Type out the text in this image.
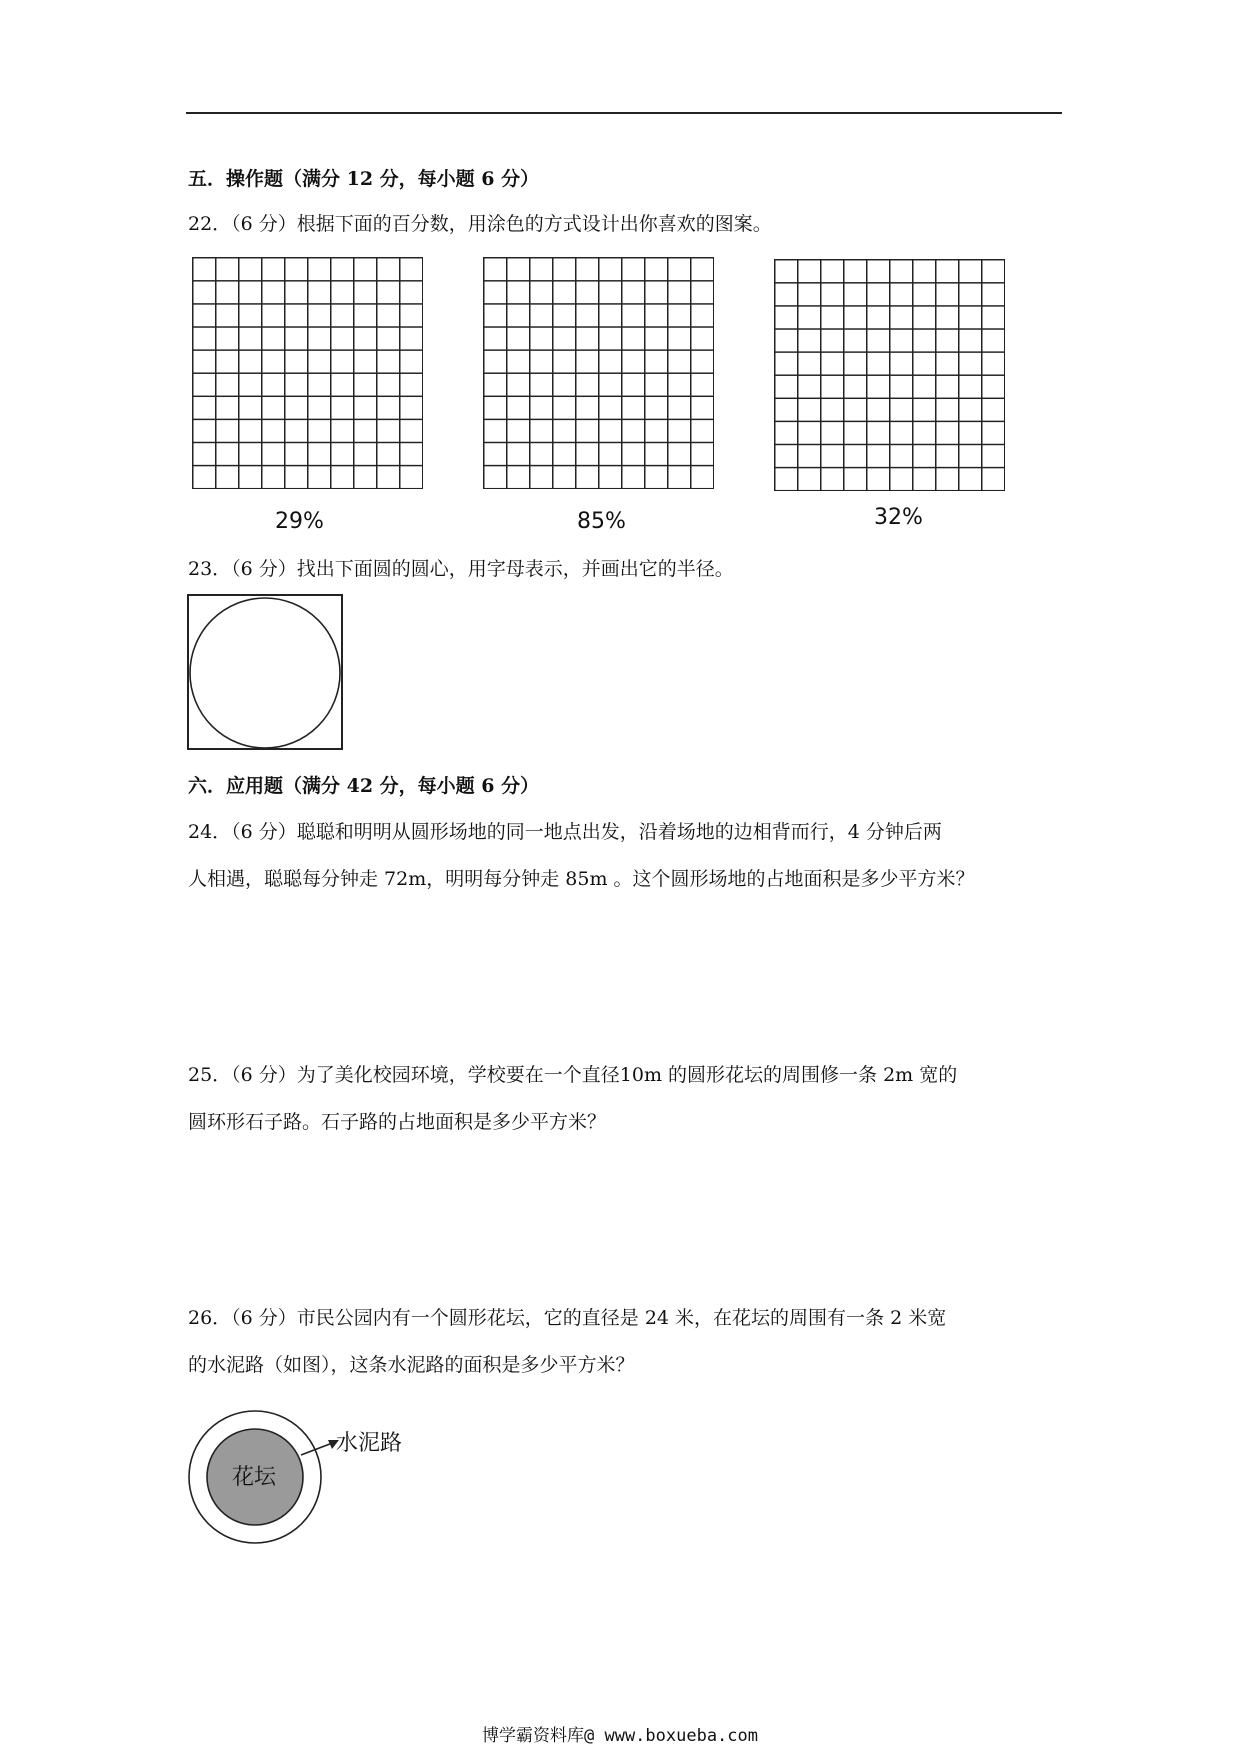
五．操作题（满分 12 分，每小题 6 分）
22．（6 分）根据下面的百分数，用涂色的方式设计出你喜欢的图案。
29%	85%	32%
23．（6 分）找出下面圆的圆心，用字母表示，并画出它的半径。
六．应用题（满分 42 分，每小题 6 分）
24．（6 分）聪聪和明明从圆形场地的同一地点出发，沿着场地的边相背而行，4 分钟后两
人相遇，聪聪每分钟走 72m，明明每分钟走 85m 。这个圆形场地的占地面积是多少平方米？
25．（6 分）为了美化校园环境，学校要在一个直径10m 的圆形花坛的周围修一条 2m 宽的
圆环形石子路。石子路的占地面积是多少平方米？
26．（6 分）市民公园内有一个圆形花坛，它的直径是 24 米，在花坛的周围有一条 2 米宽
的水泥路（如图），这条水泥路的面积是多少平方米？
花坛
水泥路
博学霸资料库@ www.boxueba.com
